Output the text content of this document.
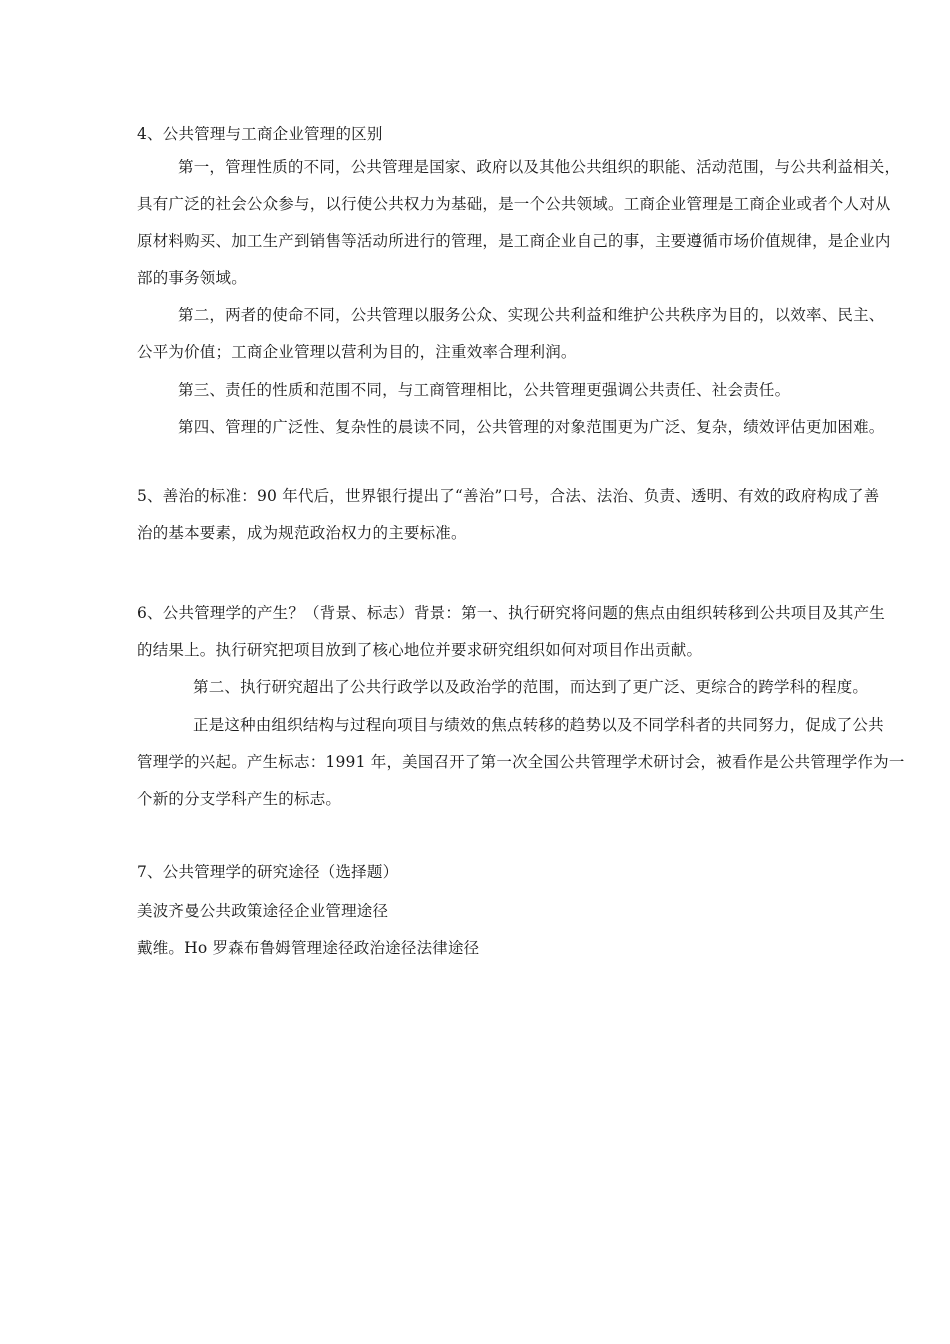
4、公共管理与工商企业管理的区别
第一，管理性质的不同，公共管理是国家、政府以及其他公共组织的职能、活动范围，与公共利益相关，
具有广泛的社会公众参与，以行使公共权力为基础，是一个公共领域。工商企业管理是工商企业或者个人对从
原材料购买、加工生产到销售等活动所进行的管理，是工商企业自己的事，主要遵循市场价值规律，是企业内
部的事务领域。
第二，两者的使命不同，公共管理以服务公众、实现公共利益和维护公共秩序为目的，以效率、民主、
公平为价值；工商企业管理以营利为目的，注重效率合理利润。
第三、责任的性质和范围不同，与工商管理相比，公共管理更强调公共责任、社会责任。
第四、管理的广泛性、复杂性的晨读不同，公共管理的对象范围更为广泛、复杂，绩效评估更加困难。
5、善治的标准：90 年代后，世界银行提出了“善治”口号，合法、法治、负责、透明、有效的政府构成了善
治的基本要素，成为规范政治权力的主要标准。
6、公共管理学的产生？（背景、标志）背景：第一、执行研究将问题的焦点由组织转移到公共项目及其产生
的结果上。执行研究把项目放到了核心地位并要求研究组织如何对项目作出贡献。
第二、执行研究超出了公共行政学以及政治学的范围，而达到了更广泛、更综合的跨学科的程度。
正是这种由组织结构与过程向项目与绩效的焦点转移的趋势以及不同学科者的共同努力，促成了公共
管理学的兴起。产生标志：1991 年，美国召开了第一次全国公共管理学术研讨会，被看作是公共管理学作为一
个新的分支学科产生的标志。
7、公共管理学的研究途径（选择题）
美波齐曼公共政策途径企业管理途径
戴维。Ho 罗森布鲁姆管理途径政治途径法律途径
